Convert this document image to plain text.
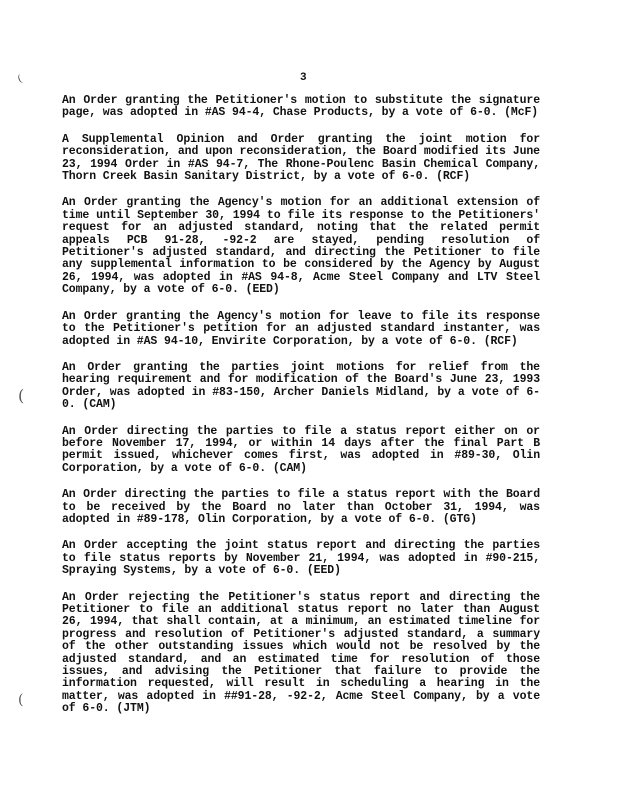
(
(
(
3

An Order granting the Petitioner's motion to substitute the signature page, was adopted in #AS 94-4, Chase Products, by a vote of 6-0. (McF)

A Supplemental Opinion and Order granting the joint motion for reconsideration, and upon reconsideration, the Board modified its June 23, 1994 Order in #AS 94-7, The Rhone-Poulenc Basin Chemical Company, Thorn Creek Basin Sanitary District, by a vote of 6-0. (RCF)

An Order granting the Agency's motion for an additional extension of time until September 30, 1994 to file its response to the Petitioners' request for an adjusted standard, noting that the related permit appeals PCB 91-28, -92-2 are stayed, pending resolution of Petitioner's adjusted standard, and directing the Petitioner to file any supplemental information to be considered by the Agency by August 26, 1994, was adopted in #AS 94-8, Acme Steel Company and LTV Steel Company, by a vote of 6-0. (EED)

An Order granting the Agency's motion for leave to file its response to the Petitioner's petition for an adjusted standard instanter, was adopted in #AS 94-10, Envirite Corporation, by a vote of 6-0. (RCF)

An Order granting the parties joint motions for relief from the hearing requirement and for modification of the Board's June 23, 1993 Order, was adopted in #83-150, Archer Daniels Midland, by a vote of 6-0. (CAM)

An Order directing the parties to file a status report either on or before November 17, 1994, or within 14 days after the final Part B permit issued, whichever comes first, was adopted in #89-30, Olin Corporation, by a vote of 6-0. (CAM)

An Order directing the parties to file a status report with the Board to be received by the Board no later than October 31, 1994, was adopted in #89-178, Olin Corporation, by a vote of 6-0. (GTG)

An Order accepting the joint status report and directing the parties to file status reports by November 21, 1994, was adopted in #90-215, Spraying Systems, by a vote of 6-0. (EED)

An Order rejecting the Petitioner's status report and directing the Petitioner to file an additional status report no later than August 26, 1994, that shall contain, at a minimum, an estimated timeline for progress and resolution of Petitioner's adjusted standard, a summary of the other outstanding issues which would not be resolved by the adjusted standard, and an estimated time for resolution of those issues, and advising the Petitioner that failure to provide the information requested, will result in scheduling a hearing in the matter, was adopted in ##91-28, -92-2, Acme Steel Company, by a vote of 6-0. (JTM)
